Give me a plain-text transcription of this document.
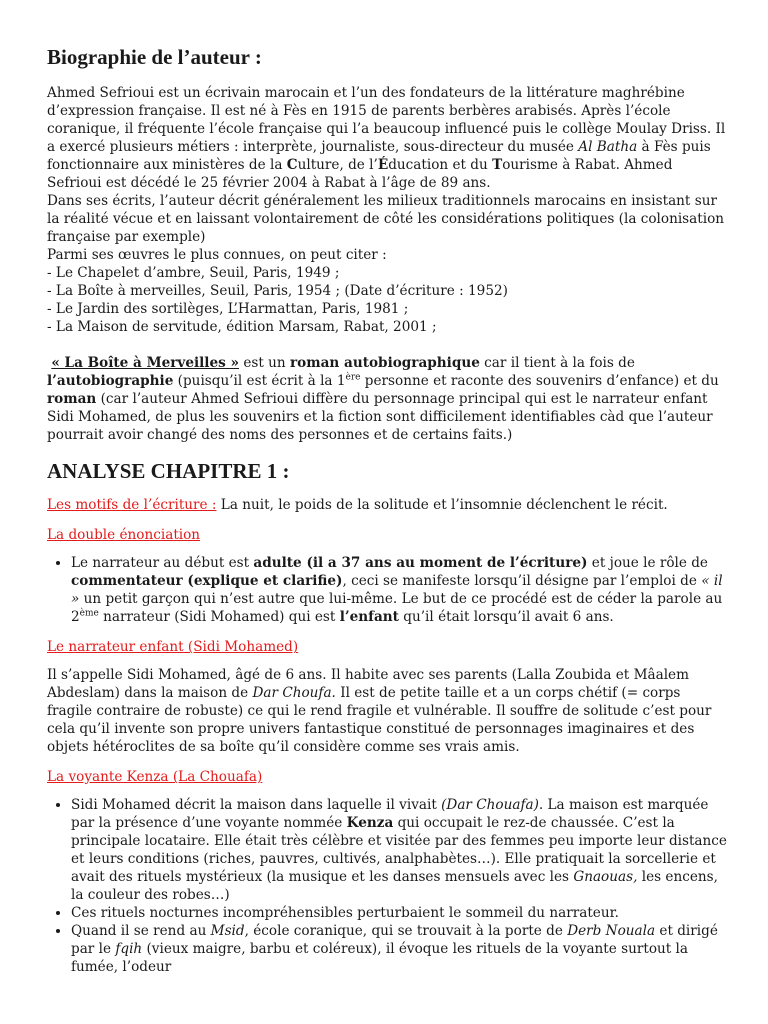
Biographie de l’auteur :

Ahmed Sefrioui est un écrivain marocain et l’un des fondateurs de la littérature maghrébine d’expression française. Il est né à Fès en 1915 de parents berbères arabisés. Après l’école coranique, il fréquente l’école française qui l’a beaucoup influencé puis le collège Moulay Driss. Il a exercé plusieurs métiers : interprète, journaliste, sous-directeur du musée Al Batha à Fès puis fonctionnaire aux ministères de la Culture, de l’Éducation et du Tourisme à Rabat. Ahmed Sefrioui est décédé le 25 février 2004 à Rabat à l’âge de 89 ans.

Dans ses écrits, l’auteur décrit généralement les milieux traditionnels marocains en insistant sur la réalité vécue et en laissant volontairement de côté les considérations politiques (la colonisation française par exemple)

Parmi ses œuvres le plus connues, on peut citer :

- Le Chapelet d’ambre, Seuil, Paris, 1949 ;

- La Boîte à merveilles, Seuil, Paris, 1954 ; (Date d’écriture : 1952)

- Le Jardin des sortilèges, L’Harmattan, Paris, 1981 ;

- La Maison de servitude, édition Marsam, Rabat, 2001 ;

« La Boîte à Merveilles » est un roman autobiographique car il tient à la fois de l’autobiographie (puisqu’il est écrit à la 1ère personne et raconte des souvenirs d’enfance) et du roman (car l’auteur Ahmed Sefrioui diffère du personnage principal qui est le narrateur enfant Sidi Mohamed, de plus les souvenirs et la fiction sont difficilement identifiables càd que l’auteur pourrait avoir changé des noms des personnes et de certains faits.)

ANALYSE CHAPITRE 1 :

Les motifs de l’écriture : La nuit, le poids de la solitude et l’insomnie déclenchent le récit.

La double énonciation

• Le narrateur au début est adulte (il a 37 ans au moment de l’écriture) et joue le rôle de commentateur (explique et clarifie), ceci se manifeste lorsqu’il désigne par l’emploi de « il » un petit garçon qui n’est autre que lui-même. Le but de ce procédé est de céder la parole au 2ème narrateur (Sidi Mohamed) qui est l’enfant qu’il était lorsqu’il avait 6 ans.

Le narrateur enfant (Sidi Mohamed)

Il s’appelle Sidi Mohamed, âgé de 6 ans. Il habite avec ses parents (Lalla Zoubida et Mâalem Abdeslam) dans la maison de Dar Choufa. Il est de petite taille et a un corps chétif (= corps fragile contraire de robuste) ce qui le rend fragile et vulnérable. Il souffre de solitude c’est pour cela qu’il invente son propre univers fantastique constitué de personnages imaginaires et des objets hétéroclites de sa boîte qu’il considère comme ses vrais amis.

La voyante Kenza (La Chouafa)

• Sidi Mohamed décrit la maison dans laquelle il vivait (Dar Chouafa). La maison est marquée par la présence d’une voyante nommée Kenza qui occupait le rez-de chaussée. C’est la principale locataire. Elle était très célèbre et visitée par des femmes peu importe leur distance et leurs conditions (riches, pauvres, cultivés, analphabètes…). Elle pratiquait la sorcellerie et avait des rituels mystérieux (la musique et les danses mensuels avec les Gnaouas, les encens, la couleur des robes…)
• Ces rituels nocturnes incompréhensibles perturbaient le sommeil du narrateur.
• Quand il se rend au Msid, école coranique, qui se trouvait à la porte de Derb Nouala et dirigé par le fqih (vieux maigre, barbu et coléreux), il évoque les rituels de la voyante surtout la fumée, l’odeur
